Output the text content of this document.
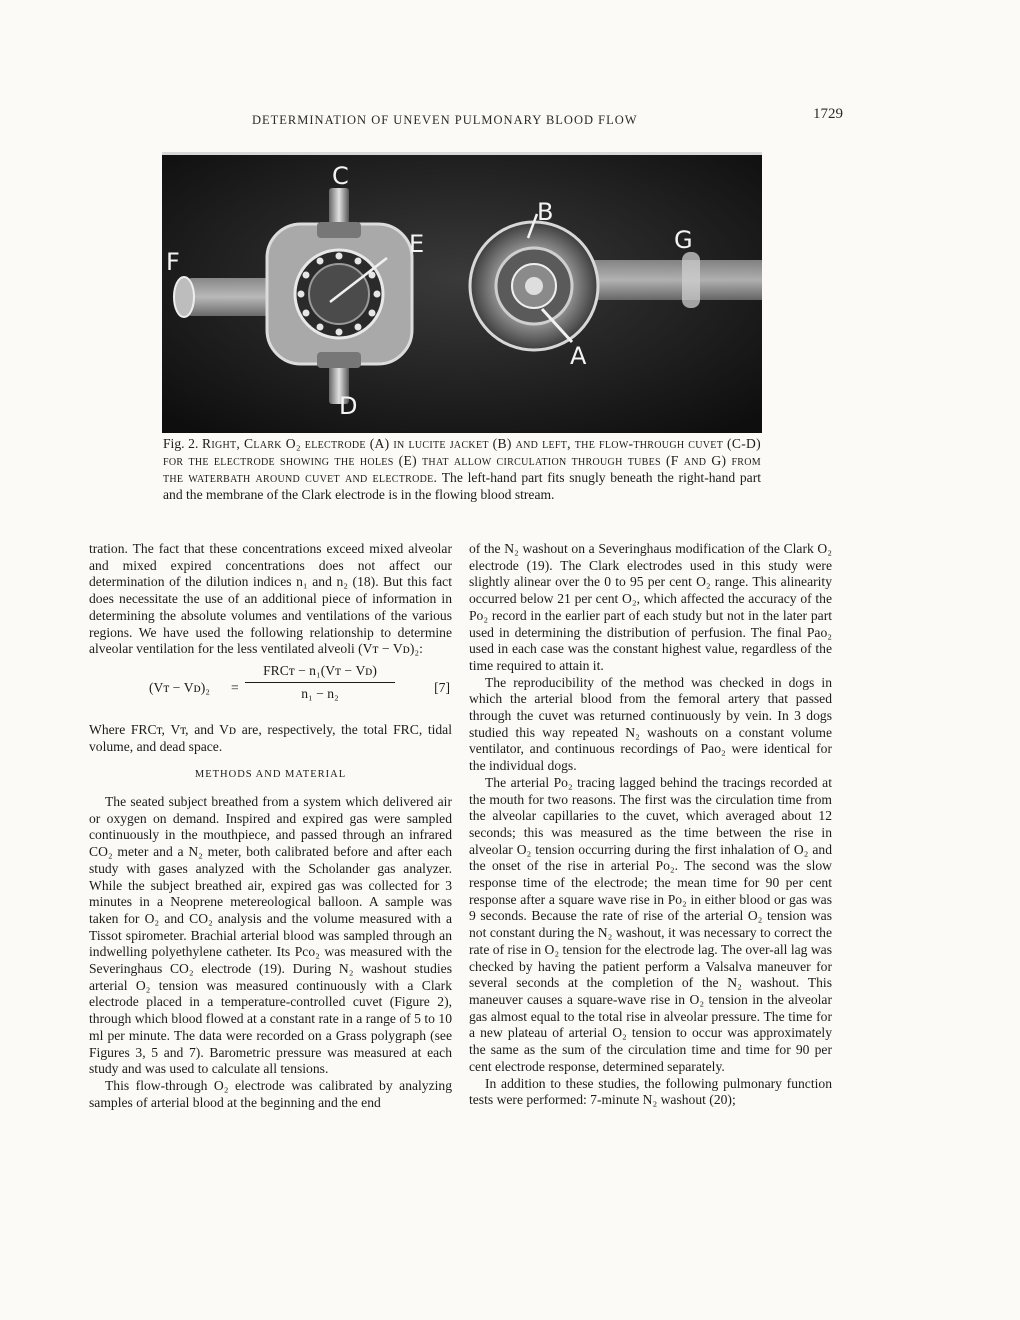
DETERMINATION OF UNEVEN PULMONARY BLOOD FLOW	1729
C
E
F
B
G
A
D
Fig. 2. Right, Clark O₂ electrode (A) in lucite jacket (B) and left, the flow-through cuvet (C-D) for the electrode showing the holes (E) that allow circulation through tubes (F and G) from the waterbath around cuvet and electrode. The left-hand part fits snugly beneath the right-hand part and the membrane of the Clark electrode is in the flowing blood stream.

tration. The fact that these concentrations exceed mixed alveolar and mixed expired concentrations does not affect our determination of the dilution indices n₁ and n₂ (18). But this fact does necessitate the use of an additional piece of information in determining the absolute volumes and ventilations of the various regions. We have used the following relationship to determine alveolar ventilation for the less ventilated alveoli (Vт − Vᴅ)₂:

(Vт − Vᴅ)₂ =
FRCт − n₁(Vт − Vᴅ)
n₁ − n₂	[7]

Where FRCт, Vт, and Vᴅ are, respectively, the total FRC, tidal volume, and dead space.

METHODS AND MATERIAL

The seated subject breathed from a system which delivered air or oxygen on demand. Inspired and expired gas were sampled continuously in the mouthpiece, and passed through an infrared CO₂ meter and a N₂ meter, both calibrated before and after each study with gases analyzed with the Scholander gas analyzer. While the subject breathed air, expired gas was collected for 3 minutes in a Neoprene metereological balloon. A sample was taken for O₂ and CO₂ analysis and the volume measured with a Tissot spirometer. Brachial arterial blood was sampled through an indwelling polyethylene catheter. Its Pco₂ was measured with the Severinghaus CO₂ electrode (19). During N₂ washout studies arterial O₂ tension was measured continuously with a Clark electrode placed in a temperature-controlled cuvet (Figure 2), through which blood flowed at a constant rate in a range of 5 to 10 ml per minute. The data were recorded on a Grass polygraph (see Figures 3, 5 and 7). Barometric pressure was measured at each study and was used to calculate all tensions.

This flow-through O₂ electrode was calibrated by analyzing samples of arterial blood at the beginning and the end

of the N₂ washout on a Severinghaus modification of the Clark O₂ electrode (19). The Clark electrodes used in this study were slightly alinear over the 0 to 95 per cent O₂ range. This alinearity occurred below 21 per cent O₂, which affected the accuracy of the Po₂ record in the earlier part of each study but not in the later part used in determining the distribution of perfusion. The final Paᴏ₂ used in each case was the constant highest value, regardless of the time required to attain it.

The reproducibility of the method was checked in dogs in which the arterial blood from the femoral artery that passed through the cuvet was returned continuously by vein. In 3 dogs studied this way repeated N₂ washouts on a constant volume ventilator, and continuous recordings of Paᴏ₂ were identical for the individual dogs.

The arterial Po₂ tracing lagged behind the tracings recorded at the mouth for two reasons. The first was the circulation time from the alveolar capillaries to the cuvet, which averaged about 12 seconds; this was measured as the time between the rise in alveolar O₂ tension occurring during the first inhalation of O₂ and the onset of the rise in arterial Po₂. The second was the slow response time of the electrode; the mean time for 90 per cent response after a square wave rise in Po₂ in either blood or gas was 9 seconds. Because the rate of rise of the arterial O₂ tension was not constant during the N₂ washout, it was necessary to correct the rate of rise in O₂ tension for the electrode lag. The over-all lag was checked by having the patient perform a Valsalva maneuver for several seconds at the completion of the N₂ washout. This maneuver causes a square-wave rise in O₂ tension in the alveolar gas almost equal to the total rise in alveolar pressure. The time for a new plateau of arterial O₂ tension to occur was approximately the same as the sum of the circulation time and time for 90 per cent electrode response, determined separately.

In addition to these studies, the following pulmonary function tests were performed: 7-minute N₂ washout (20);
